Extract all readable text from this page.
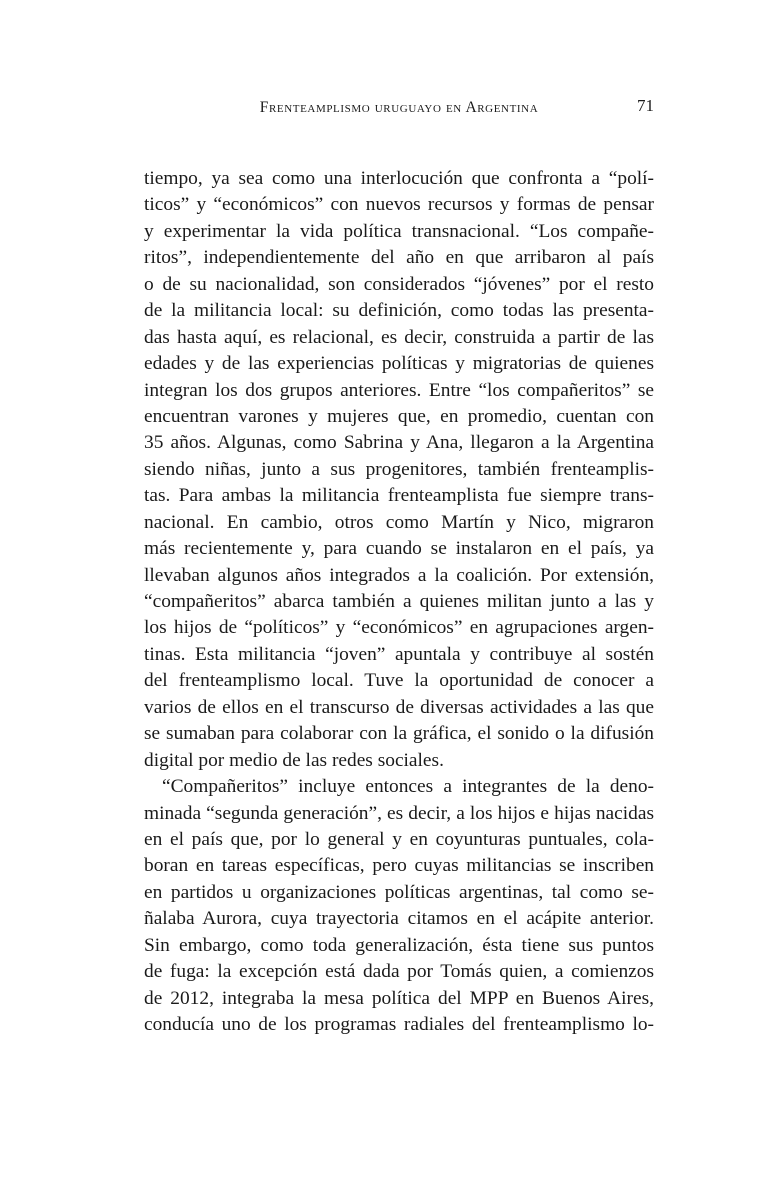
Frenteamplismo uruguayo en Argentina	71
tiempo, ya sea como una interlocución que confronta a “polí-
ticos” y “económicos” con nuevos recursos y formas de pensar
y experimentar la vida política transnacional. “Los compañe-
ritos”, independientemente del año en que arribaron al país
o de su nacionalidad, son considerados “jóvenes” por el resto
de la militancia local: su definición, como todas las presenta-
das hasta aquí, es relacional, es decir, construida a partir de las
edades y de las experiencias políticas y migratorias de quienes
integran los dos grupos anteriores. Entre “los compañeritos” se
encuentran varones y mujeres que, en promedio, cuentan con
35 años. Algunas, como Sabrina y Ana, llegaron a la Argentina
siendo niñas, junto a sus progenitores, también frenteamplis-
tas. Para ambas la militancia frenteamplista fue siempre trans-
nacional. En cambio, otros como Martín y Nico, migraron
más recientemente y, para cuando se instalaron en el país, ya
llevaban algunos años integrados a la coalición. Por extensión,
“compañeritos” abarca también a quienes militan junto a las y
los hijos de “políticos” y “económicos” en agrupaciones argen-
tinas. Esta militancia “joven” apuntala y contribuye al sostén
del frenteamplismo local. Tuve la oportunidad de conocer a
varios de ellos en el transcurso de diversas actividades a las que
se sumaban para colaborar con la gráfica, el sonido o la difusión
digital por medio de las redes sociales.
“Compañeritos” incluye entonces a integrantes de la deno-
minada “segunda generación”, es decir, a los hijos e hijas nacidas
en el país que, por lo general y en coyunturas puntuales, cola-
boran en tareas específicas, pero cuyas militancias se inscriben
en partidos u organizaciones políticas argentinas, tal como se-
ñalaba Aurora, cuya trayectoria citamos en el acápite anterior.
Sin embargo, como toda generalización, ésta tiene sus puntos
de fuga: la excepción está dada por Tomás quien, a comienzos
de 2012, integraba la mesa política del MPP en Buenos Aires,
conducía uno de los programas radiales del frenteamplismo lo-
